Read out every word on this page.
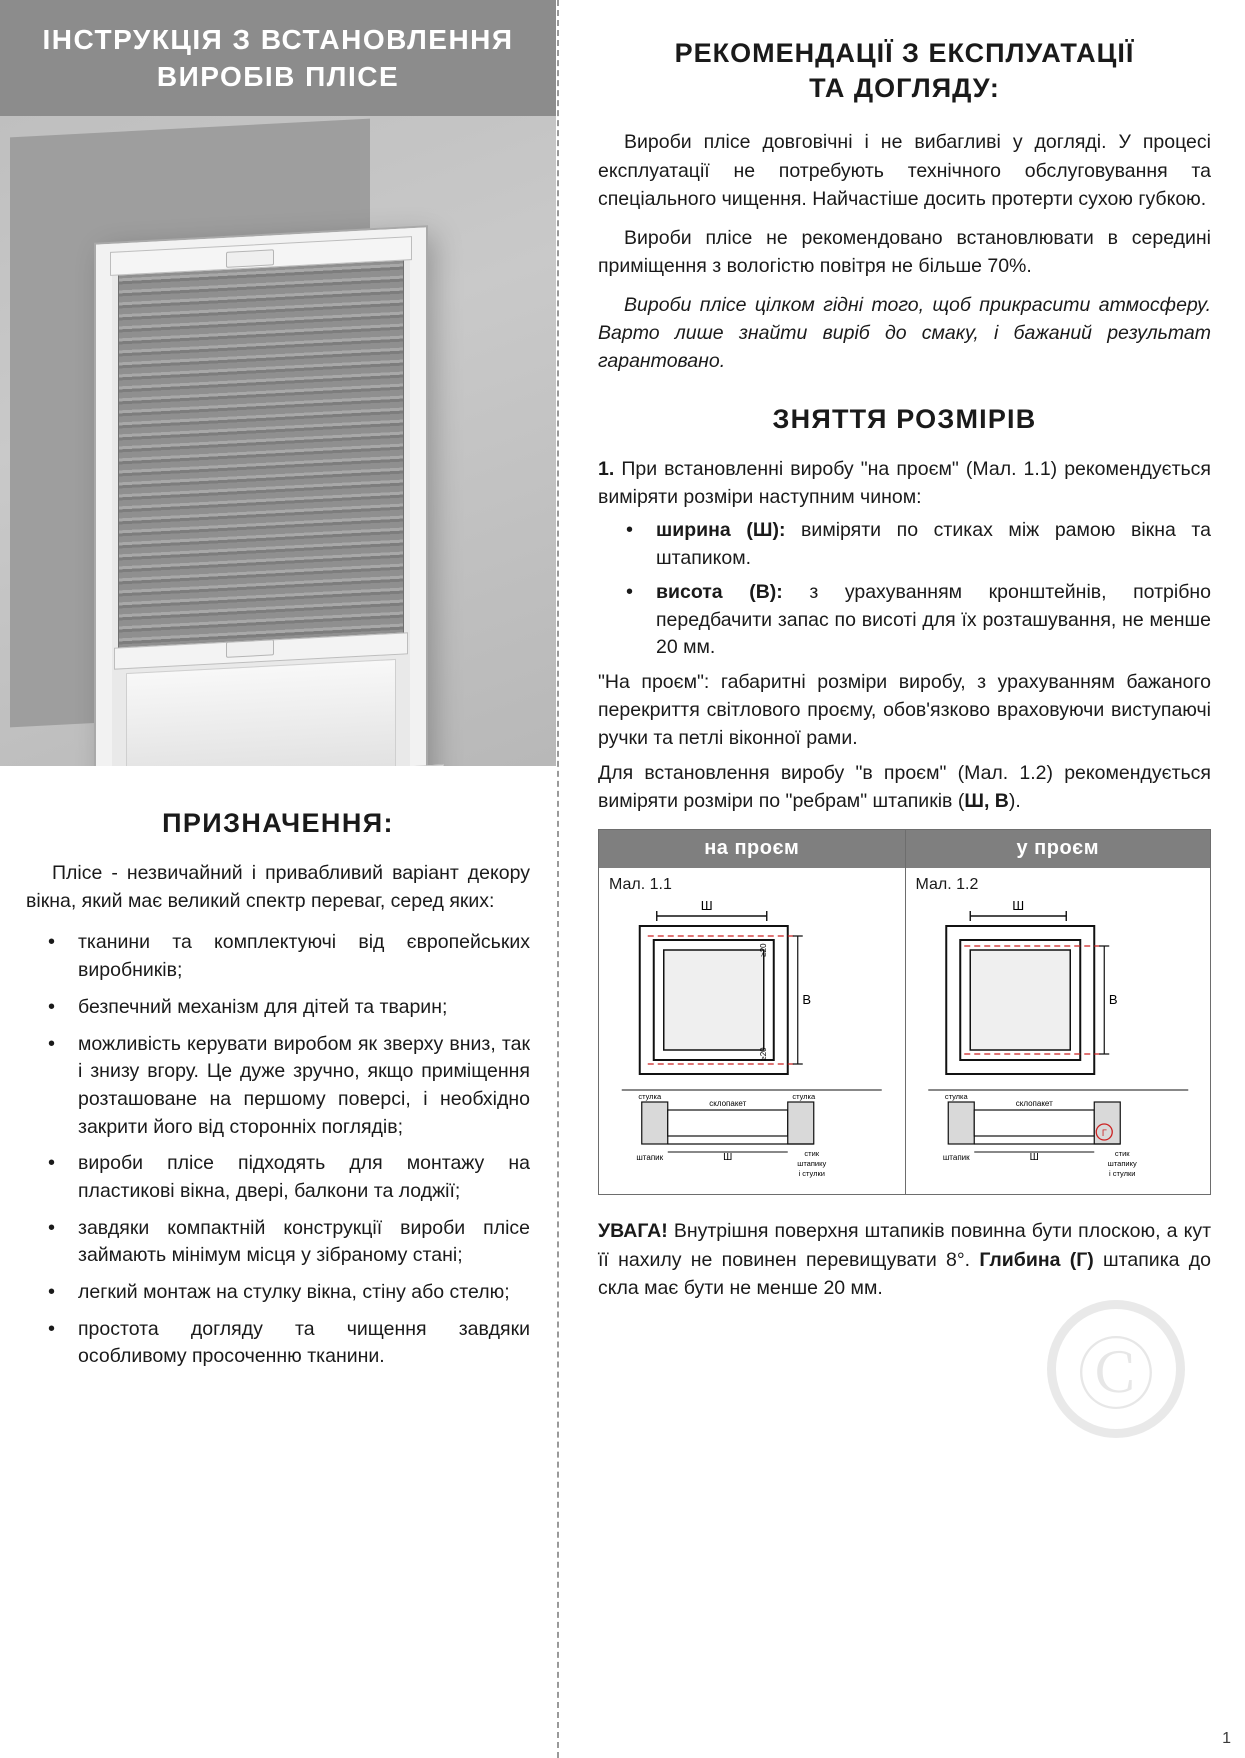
ІНСТРУКЦІЯ З ВСТАНОВЛЕННЯ
ВИРОБІВ ПЛІСЕ
ПРИЗНАЧЕННЯ:

Пліcе - незвичайний і привабливий варіант декору вікна, який має великий спектр переваг, серед яких:

• тканини та комплектуючі від європейських виробників;
• безпечний механізм для дітей та тварин;
• можливість керувати виробом як зверху вниз, так і знизу вгору. Це дуже зручно, якщо приміщення розташоване на першому поверсі, і необхідно закрити його від сторонніх поглядів;
• вироби пліcе підходять для монтажу на пластикові вікна, двері, балкони та лоджії;
• завдяки компактній конструкції вироби пліcе займають мінімум місця у зібраному стані;
• легкий монтаж на стулку вікна, стіну або стелю;
• простота догляду та чищення завдяки особливому просоченню тканини.
РЕКОМЕНДАЦІЇ З ЕКСПЛУАТАЦІЇ
ТА ДОГЛЯДУ:

Вироби пліcе довговічні і не вибагливі у догляді. У процесі експлуатації не потребують технічного обслуговування та спеціального чищення. Найчастіше досить протерти сухою губкою.

Вироби пліcе не рекомендовано встановлювати в середині приміщення з вологістю повітря не більше 70%.

Вироби пліcе цілком гідні того, щоб прикрасити атмосферу. Варто лише знайти виріб до смаку, і бажаний результат гарантовано.

ЗНЯТТЯ РОЗМІРІВ

1. При встановленні виробу "на проєм" (Мал. 1.1) рекомендується виміряти розміри наступним чином:

• ширина (Ш): виміряти по стиках між рамою вікна та штапиком.
• висота (В): з урахуванням кронштейнів, потрібно передбачити запас по висоті для їх розташування, не менше 20 мм.

"На проєм": габаритні розміри виробу, з урахуванням бажаного перекриття світлового проєму, обов'язково враховуючи виступаючі ручки та петлі віконної рами.

Для встановлення виробу "в проєм" (Мал. 1.2) рекомендується виміряти розміри по "ребрам" штапиків (Ш, В).

на проєм
Мал. 1.1
Ш
В
≥20
≥20
стулка
склопакет
стулка
штапик	Ш	стик
штапику
і стулки
у проєм
Мал. 1.2
Ш
В
Г
стулка
склопакет
штапик	Ш	стик
штапику
і стулки
Ⓒ

УВАГА! Внутрішня поверхня штапиків повинна бути плоскою, а кут її нахилу не повинен перевищувати 8°. Глибина (Г) штапика до скла має бути не менше 20 мм.

1
